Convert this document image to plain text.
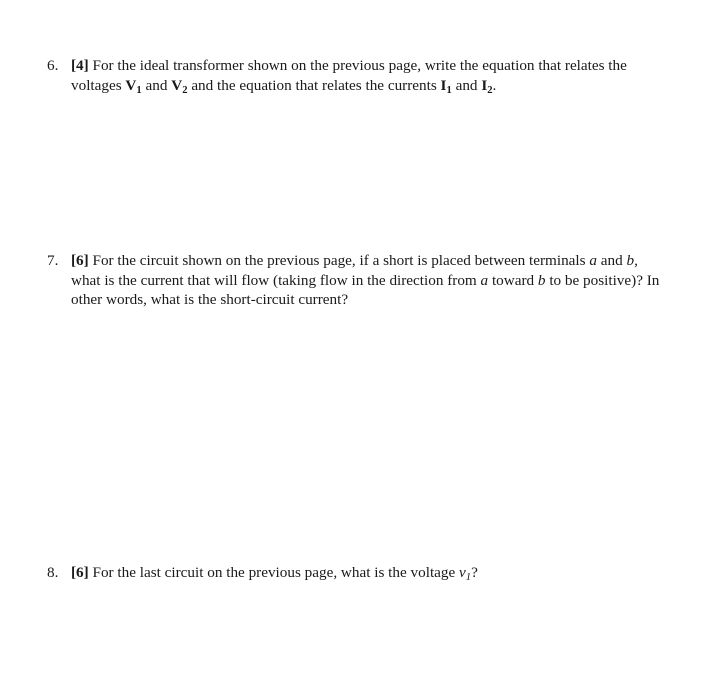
6. [4] For the ideal transformer shown on the previous page, write the equation that relates the voltages $V_1$ and $V_2$ and the equation that relates the currents $I_1$ and $I_2$.
7. [6] For the circuit shown on the previous page, if a short is placed between terminals a and b, what is the current that will flow (taking flow in the direction from a toward b to be positive)? In other words, what is the short-circuit current?
8. [6] For the last circuit on the previous page, what is the voltage $v_1$?
